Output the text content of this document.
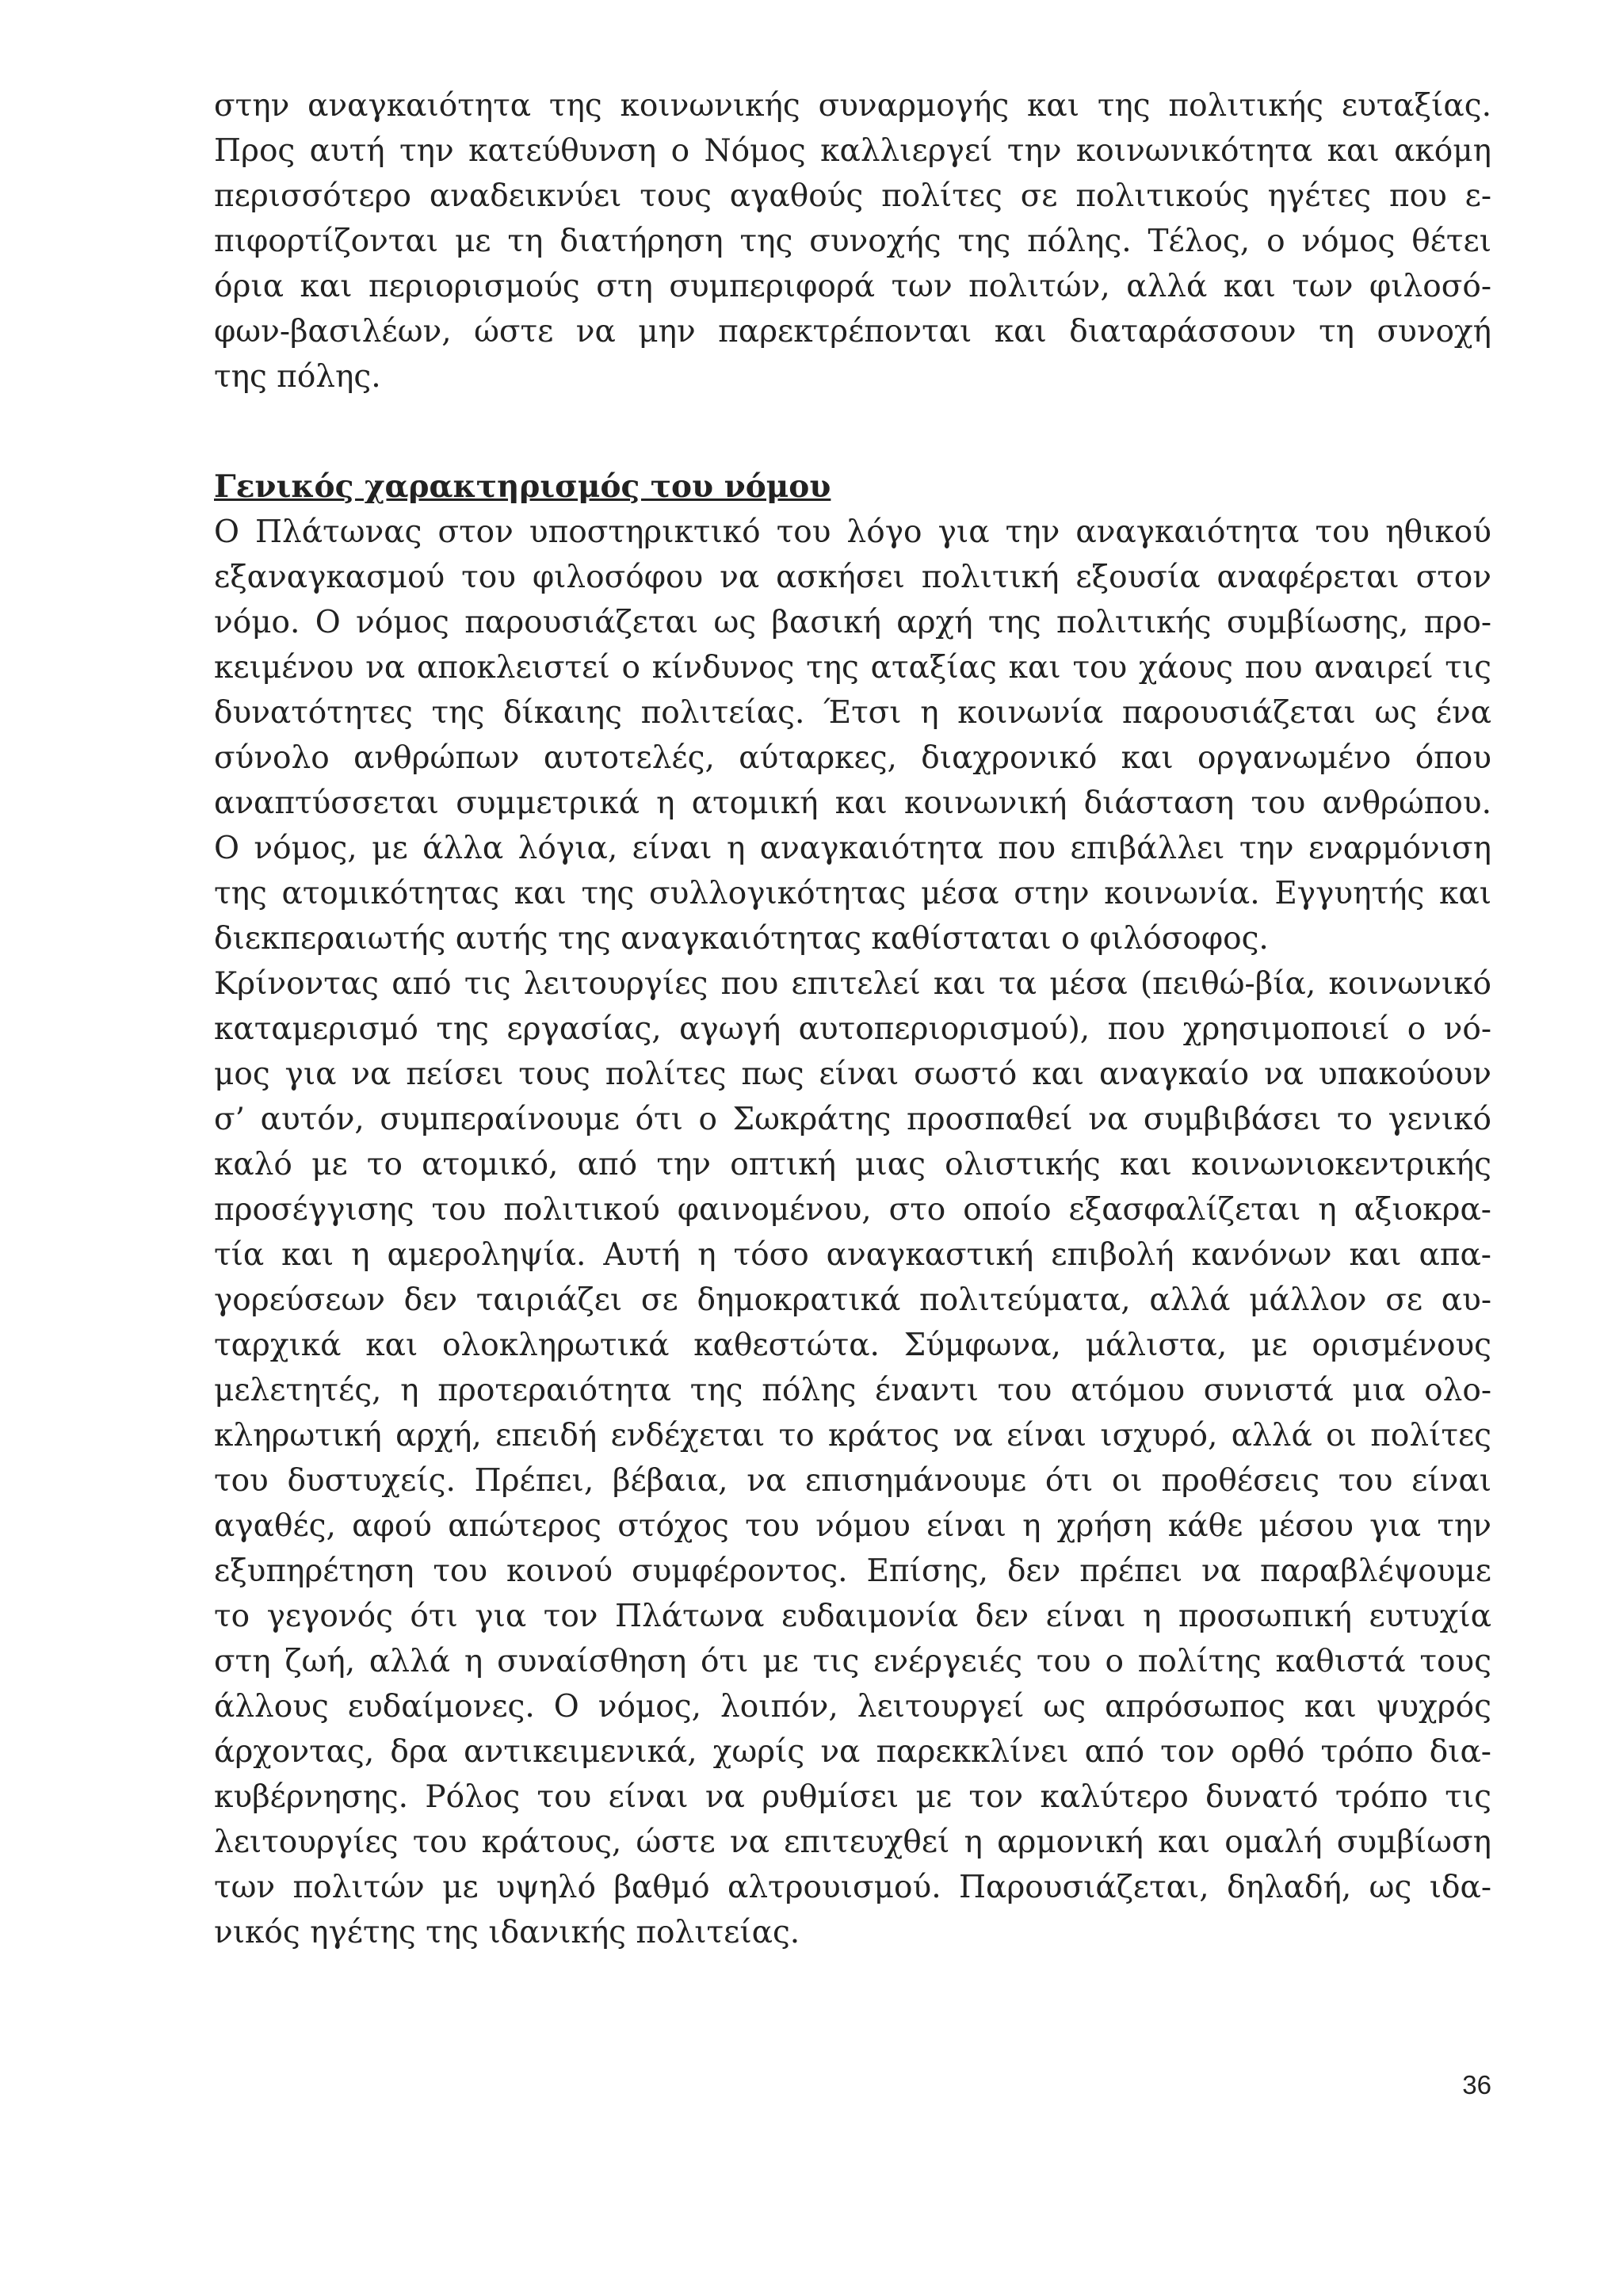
στην αναγκαιότητα της κοινωνικής συναρμογής και της πολιτικής ευταξίας.
Προς αυτή την κατεύθυνση ο Νόμος καλλιεργεί την κοινωνικότητα και ακόμη
περισσότερο αναδεικνύει τους αγαθούς πολίτες σε πολιτικούς ηγέτες που ε-
πιφορτίζονται με τη διατήρηση της συνοχής της πόλης. Τέλος, ο νόμος θέτει
όρια και περιορισμούς στη συμπεριφορά των πολιτών, αλλά και των φιλοσό-
φων-βασιλέων, ώστε να μην παρεκτρέπονται και διαταράσσουν τη συνοχή
της πόλης.
Γενικός χαρακτηρισμός του νόμου
Ο Πλάτωνας στον υποστηρικτικό του λόγο για την αναγκαιότητα του ηθικού
εξαναγκασμού του φιλοσόφου να ασκήσει πολιτική εξουσία αναφέρεται στον
νόμο. Ο νόμος παρουσιάζεται ως βασική αρχή της πολιτικής συμβίωσης, προ-
κειμένου να αποκλειστεί ο κίνδυνος της αταξίας και του χάους που αναιρεί τις
δυνατότητες της δίκαιης πολιτείας. Έτσι η κοινωνία παρουσιάζεται ως ένα
σύνολο ανθρώπων αυτοτελές, αύταρκες, διαχρονικό και οργανωμένο όπου
αναπτύσσεται συμμετρικά η ατομική και κοινωνική διάσταση του ανθρώπου.
Ο νόμος, με άλλα λόγια, είναι η αναγκαιότητα που επιβάλλει την εναρμόνιση
της ατομικότητας και της συλλογικότητας μέσα στην κοινωνία. Εγγυητής και
διεκπεραιωτής αυτής της αναγκαιότητας καθίσταται ο φιλόσοφος.
Κρίνοντας από τις λειτουργίες που επιτελεί και τα μέσα (πειθώ-βία, κοινωνικό
καταμερισμό της εργασίας, αγωγή αυτοπεριορισμού), που χρησιμοποιεί ο νό-
μος για να πείσει τους πολίτες πως είναι σωστό και αναγκαίο να υπακούουν
σ’ αυτόν, συμπεραίνουμε ότι ο Σωκράτης προσπαθεί να συμβιβάσει το γενικό
καλό με το ατομικό, από την οπτική μιας ολιστικής και κοινωνιοκεντρικής
προσέγγισης του πολιτικού φαινομένου, στο οποίο εξασφαλίζεται η αξιοκρα-
τία και η αμεροληψία. Αυτή η τόσο αναγκαστική επιβολή κανόνων και απα-
γορεύσεων δεν ταιριάζει σε δημοκρατικά πολιτεύματα, αλλά μάλλον σε αυ-
ταρχικά και ολοκληρωτικά καθεστώτα. Σύμφωνα, μάλιστα, με ορισμένους
μελετητές, η προτεραιότητα της πόλης έναντι του ατόμου συνιστά μια ολο-
κληρωτική αρχή, επειδή ενδέχεται το κράτος να είναι ισχυρό, αλλά οι πολίτες
του δυστυχείς. Πρέπει, βέβαια, να επισημάνουμε ότι οι προθέσεις του είναι
αγαθές, αφού απώτερος στόχος του νόμου είναι η χρήση κάθε μέσου για την
εξυπηρέτηση του κοινού συμφέροντος. Επίσης, δεν πρέπει να παραβλέψουμε
το γεγονός ότι για τον Πλάτωνα ευδαιμονία δεν είναι η προσωπική ευτυχία
στη ζωή, αλλά η συναίσθηση ότι με τις ενέργειές του ο πολίτης καθιστά τους
άλλους ευδαίμονες. Ο νόμος, λοιπόν, λειτουργεί ως απρόσωπος και ψυχρός
άρχοντας, δρα αντικειμενικά, χωρίς να παρεκκλίνει από τον ορθό τρόπο δια-
κυβέρνησης. Ρόλος του είναι να ρυθμίσει με τον καλύτερο δυνατό τρόπο τις
λειτουργίες του κράτους, ώστε να επιτευχθεί η αρμονική και ομαλή συμβίωση
των πολιτών με υψηλό βαθμό αλτρουισμού. Παρουσιάζεται, δηλαδή, ως ιδα-
νικός ηγέτης της ιδανικής πολιτείας.
36
